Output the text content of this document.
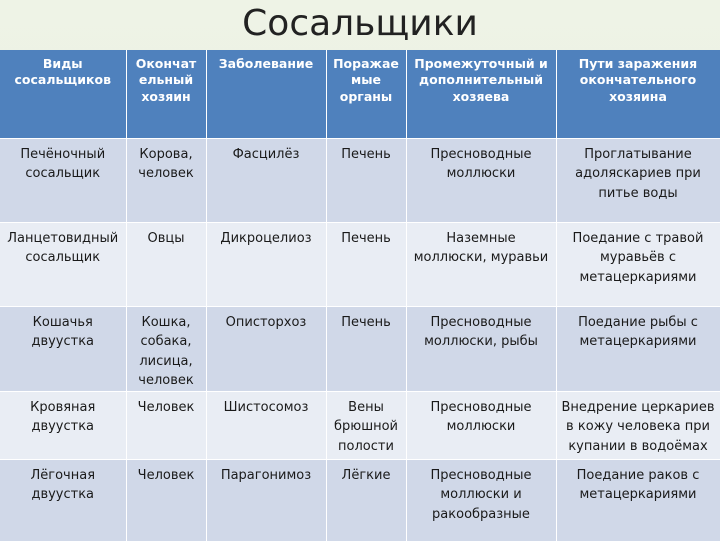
Сосальщики
Виды сосальщиков	Окончат ельный хозяин	Заболевание	Поражае мые органы	Промежуточный и дополнительный хозяева	Пути заражения окончательного хозяина
Печёночный сосальщик	Корова, человек	Фасцилёз	Печень	Пресноводные моллюски	Проглатывание адоляскариев при питье воды
Ланцетовидный сосальщик	Овцы	Дикроцелиоз	Печень	Наземные моллюски, муравьи	Поедание с травой муравьёв с метацеркариями
Кошачья двуустка	Кошка, собака, лисица, человек	Описторхоз	Печень	Пресноводные моллюски, рыбы	Поедание рыбы с метацеркариями
Кровяная двуустка	Человек	Шистосомоз	Вены брюшной полости	Пресноводные моллюски	Внедрение церкариев в кожу человека при купании в водоёмах
Лёгочная двуустка	Человек	Парагонимоз	Лёгкие	Пресноводные моллюски и ракообразные	Поедание раков с метацеркариями
